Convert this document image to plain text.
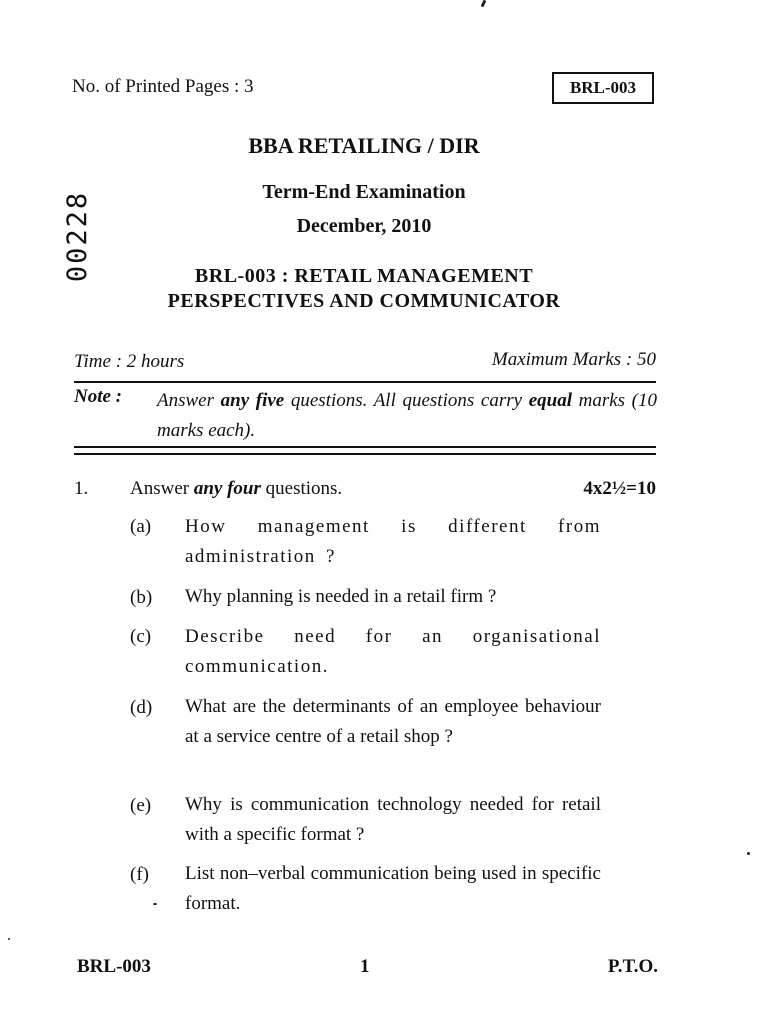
No. of Printed Pages : 3	BRL-003
00228
BBA RETAILING / DIR
Term-End Examination
December, 2010
BRL-003 : RETAIL MANAGEMENT
PERSPECTIVES AND COMMUNICATOR
Time : 2 hours	Maximum Marks : 50
Note : Answer any five questions. All questions carry equal marks (10 marks each).
1. Answer any four questions.	4x2½=10
(a) How management is different from administration ?
(b) Why planning is needed in a retail firm ?
(c) Describe need for an organisational communication.
(d) What are the determinants of an employee behaviour at a service centre of a retail shop ?
(e) Why is communication technology needed for retail with a specific format ?
(f) List non–verbal communication being used in specific format.
BRL-003	1	P.T.O.
